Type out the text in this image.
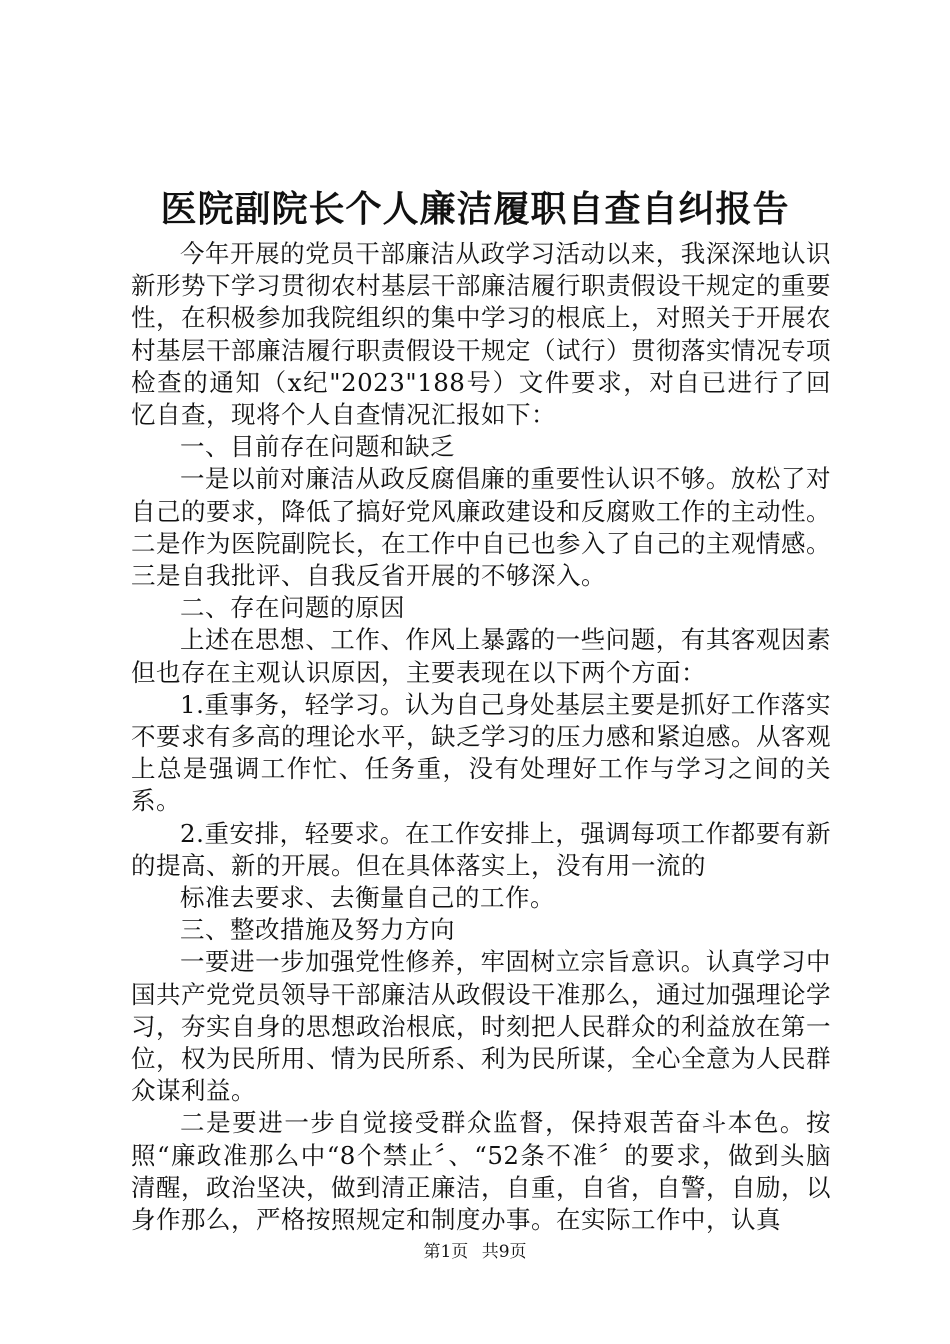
医院副院长个人廉洁履职自查自纠报告

今年开展的党员干部廉洁从政学习活动以来，我深深地认识新形势下学习贯彻农村基层干部廉洁履行职责假设干规定的重要性，在积极参加我院组织的集中学习的根底上，对照关于开展农村基层干部廉洁履行职责假设干规定（试行）贯彻落实情况专项检查的通知（x纪"2023"188号）文件要求，对自已进行了回忆自查，现将个人自查情况汇报如下：

一、目前存在问题和缺乏

一是以前对廉洁从政反腐倡廉的重要性认识不够。放松了对自己的要求，降低了搞好党风廉政建设和反腐败工作的主动性。二是作为医院副院长，在工作中自已也参入了自己的主观情感。三是自我批评、自我反省开展的不够深入。

二、存在问题的原因

上述在思想、工作、作风上暴露的一些问题，有其客观因素但也存在主观认识原因，主要表现在以下两个方面：

1.重事务，轻学习。认为自己身处基层主要是抓好工作落实不要求有多高的理论水平，缺乏学习的压力感和紧迫感。从客观上总是强调工作忙、任务重，没有处理好工作与学习之间的关系。

2.重安排，轻要求。在工作安排上，强调每项工作都要有新的提高、新的开展。但在具体落实上，没有用一流的

标准去要求、去衡量自己的工作。

三、整改措施及努力方向

一要进一步加强党性修养，牢固树立宗旨意识。认真学习中国共产党党员领导干部廉洁从政假设干准那么，通过加强理论学习，夯实自身的思想政治根底，时刻把人民群众的利益放在第一位，权为民所用、情为民所系、利为民所谋，全心全意为人民群众谋利益。

二是要进一步自觉接受群众监督，保持艰苦奋斗本色。按照“廉政准那么中“8个禁止〞、“52条不准〞的要求，做到头脑清醒，政治坚决，做到清正廉洁，自重，自省，自警，自励，以身作那么，严格按照规定和制度办事。在实际工作中，认真

第1页 共9页
